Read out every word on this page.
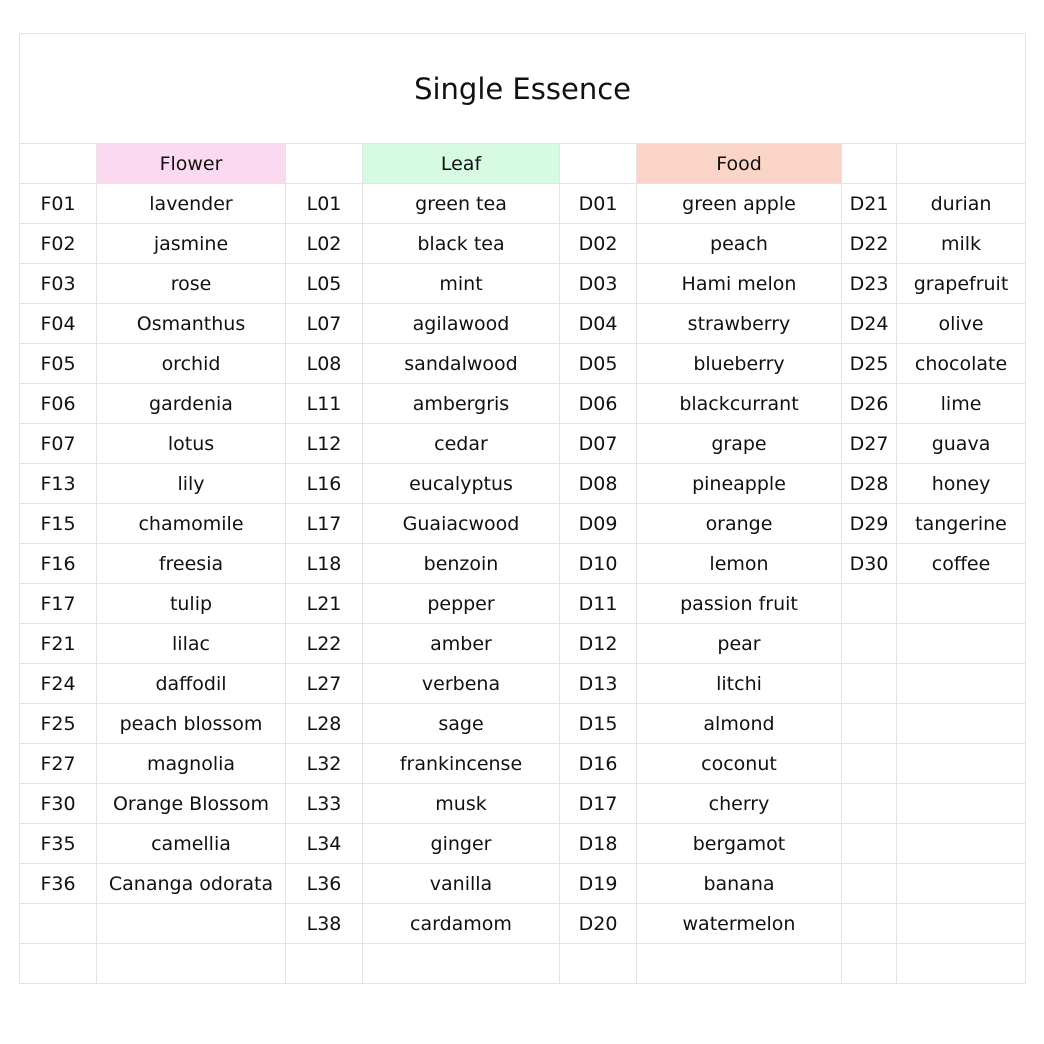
Single Essence							
	Flower		Leaf		Food		
F01	lavender	L01	green tea	D01	green apple	D21	durian
F02	jasmine	L02	black tea	D02	peach	D22	milk
F03	rose	L05	mint	D03	Hami melon	D23	grapefruit
F04	Osmanthus	L07	agilawood	D04	strawberry	D24	olive
F05	orchid	L08	sandalwood	D05	blueberry	D25	chocolate
F06	gardenia	L11	ambergris	D06	blackcurrant	D26	lime
F07	lotus	L12	cedar	D07	grape	D27	guava
F13	lily	L16	eucalyptus	D08	pineapple	D28	honey
F15	chamomile	L17	Guaiacwood	D09	orange	D29	tangerine
F16	freesia	L18	benzoin	D10	lemon	D30	coffee
F17	tulip	L21	pepper	D11	passion fruit		
F21	lilac	L22	amber	D12	pear		
F24	daffodil	L27	verbena	D13	litchi		
F25	peach blossom	L28	sage	D15	almond		
F27	magnolia	L32	frankincense	D16	coconut		
F30	Orange Blossom	L33	musk	D17	cherry		
F35	camellia	L34	ginger	D18	bergamot		
F36	Cananga odorata	L36	vanilla	D19	banana		
		L38	cardamom	D20	watermelon		
